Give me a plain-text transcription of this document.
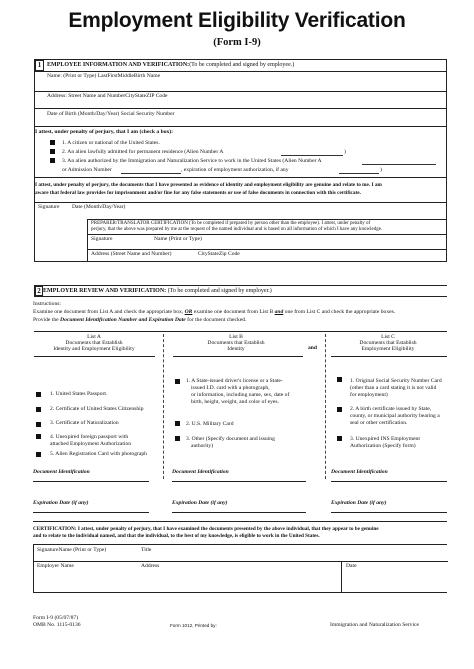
Employment Eligibility Verification
(Form I-9)
1 EMPLOYEE INFORMATION AND VERIFICATION:(To be completed and signed by employee.)
Name: (Print or Type) LastFirstMiddleBirth Name
Address: Street Name and NumberCityStateZIP Code
Date of Birth (Month/Day/Year) Social Security Number
I attest, under penalty of perjury, that I am (check a box):
1. A citizen or national of the United States.
2. An alien lawfully admitted for permanent residence (Alien Number A	)
3. An alien authorized by the Immigration and Naturalization Service to work in the United States (Alien Number A
or Admission Number	, expiration of employment authorization, if any	)
I attest, under penalty of perjury, the documents that I have presented as evidence of identity and employment eligibility are genuine and relate to me. I am
aware that federal law provides for imprisonment and/or fine for any false statements or use of false documents in connection with this certificate.
Signature Date (Month/Day/Year)
PREPARER/TRANSLATOR CERTIFICATION (To be completed if prepared by person other than the employee). I attest, under penalty of
perjury, that the above was prepared by me at the request of the named individual and is based on all information of which I have any knowledge.
Signature	Name (Print or Type)
Address (Street Name and Number)	CityStateZip Code
2 EMPLOYER REVIEW AND VERIFICATION: (To be completed and signed by employer.)
Instructions:
Examine one document from List A and check the appropriate box, OR examine one document from List B and one from List C and check the appropriate boxes.
Provide the Document Identification Number and Expiration Date for the document checked.
List A
Documents that Establish
Identity and Employment Eligibility
List B
Documents that Establish
Identity	and
List C
Documents that Establish
Employment Eligibility
1. United States Passport.
2. Certificate of United States Citizenship
3. Certificate of Naturalization
4. Unexpired foreign passport with
attached Employment Authorization
5. Alien Registration Card with photograph
1. A State-issued driver's license or a State-
issued I.D. card with a photograph,
or information, including name, sex, date of
birth, height, weight, and color of eyes.
2. U.S. Military Card
3. Other (Specify document and issuing
authority)
1. Original Social Security Number Card
(other than a card stating it is not valid
for employment)
2. A birth certificate issued by State,
county, or municipal authority bearing a
seal or other certification.
3. Unexpired INS Employment
Authorization (Specify form)
Document Identification	Document Identification	Document Identification
Expiration Date (if any)	Expiration Date (if any)	Expiration Date (if any)
CERTIFICATION: I attest, under penalty of perjury, that I have examined the documents presented by the above individual, that they appear to be genuine
and to relate to the individual named, and that the individual, to the best of my knowledge, is eligible to work in the United States.
SignatureName (Print or Type)	Title
Employer Name	Address	Date
Form I-9 (05/07/87)
OMB No. 1115-0136	Form 1012, Printed by:	Immigration and Naturalization Service
